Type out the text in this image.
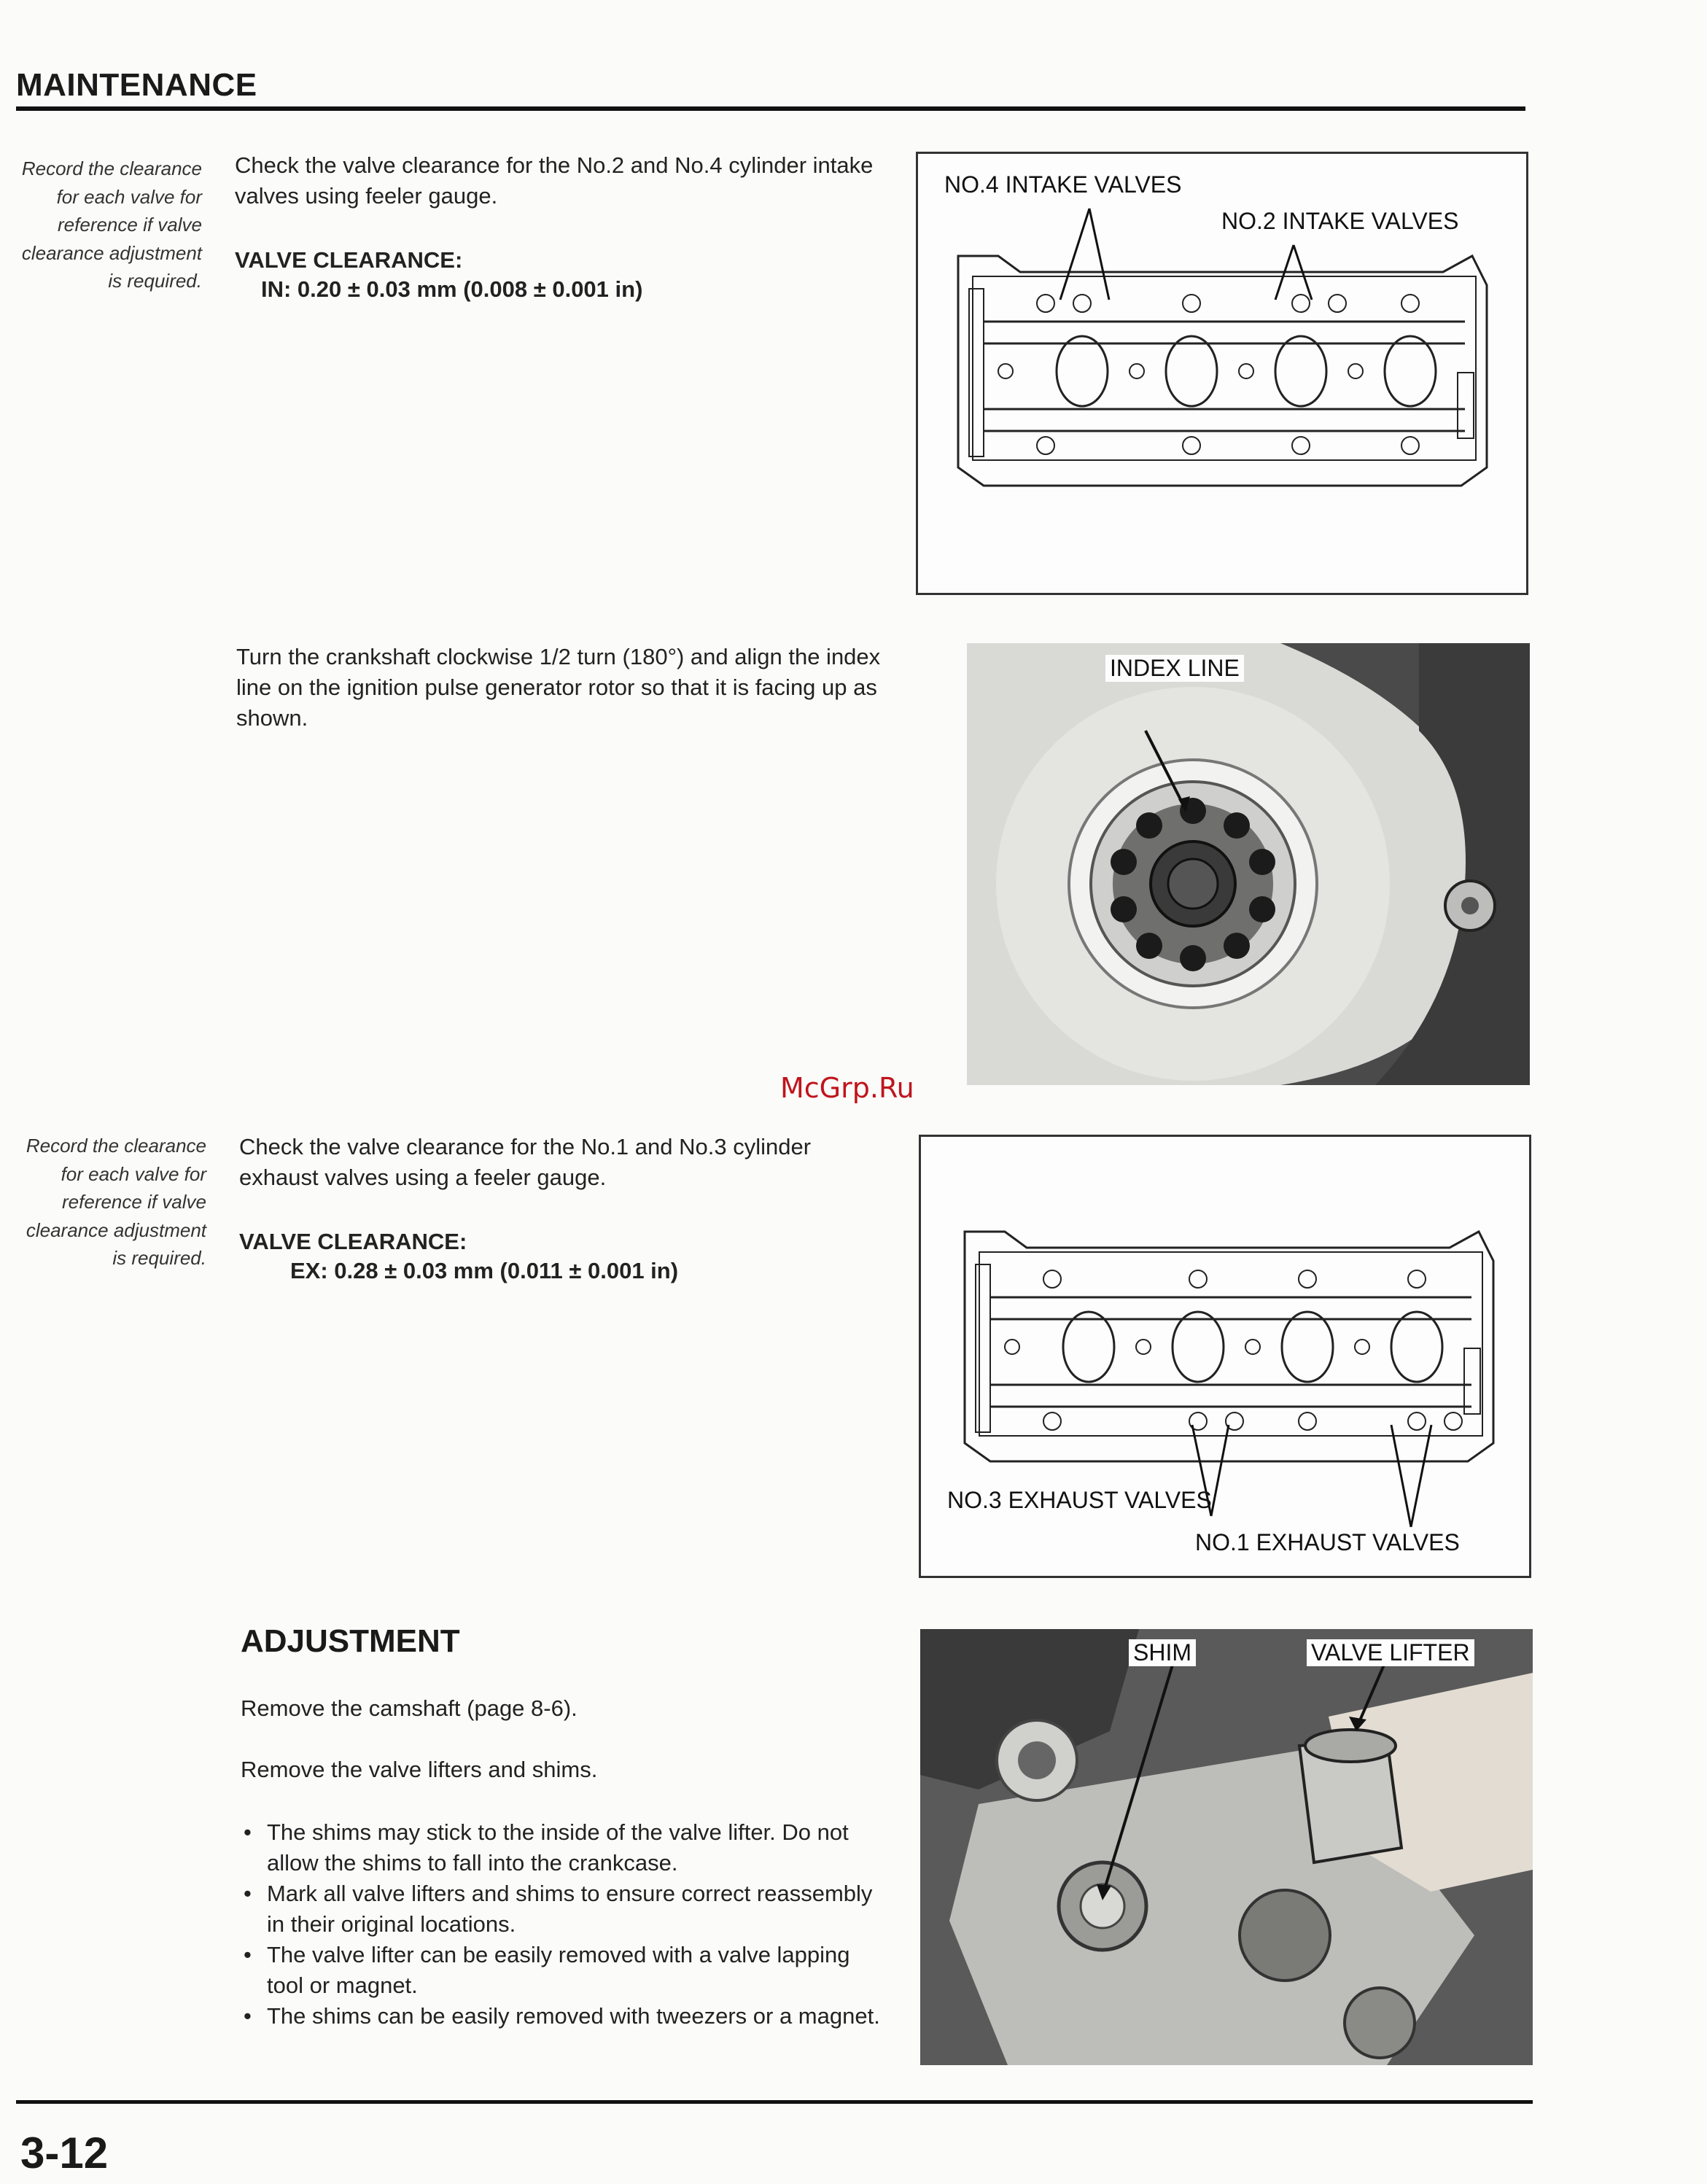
MAINTENANCE
Record the clearance for each valve for reference if valve clearance adjustment is required.
Check the valve clearance for the No.2 and No.4 cylinder intake valves using feeler gauge.
VALVE CLEARANCE:
IN: 0.20 ± 0.03 mm (0.008 ± 0.001 in)
NO.4 INTAKE VALVES
NO.2 INTAKE VALVES
Turn the crankshaft clockwise 1/2 turn (180°) and align the index line on the ignition pulse generator rotor so that it is facing up as shown.
INDEX LINE
McGrp.Ru
Record the clearance for each valve for reference if valve clearance adjustment is required.
Check the valve clearance for the No.1 and No.3 cylinder exhaust valves using a feeler gauge.
VALVE CLEARANCE:
EX: 0.28 ± 0.03 mm (0.011 ± 0.001 in)
NO.3 EXHAUST VALVES
NO.1 EXHAUST VALVES
ADJUSTMENT
Remove the camshaft (page 8-6).
Remove the valve lifters and shims.
• The shims may stick to the inside of the valve lifter. Do not allow the shims to fall into the crankcase.
• Mark all valve lifters and shims to ensure correct reassembly in their original locations.
• The valve lifter can be easily removed with a valve lapping tool or magnet.
• The shims can be easily removed with tweezers or a magnet.
SHIM	VALVE LIFTER
3-12
